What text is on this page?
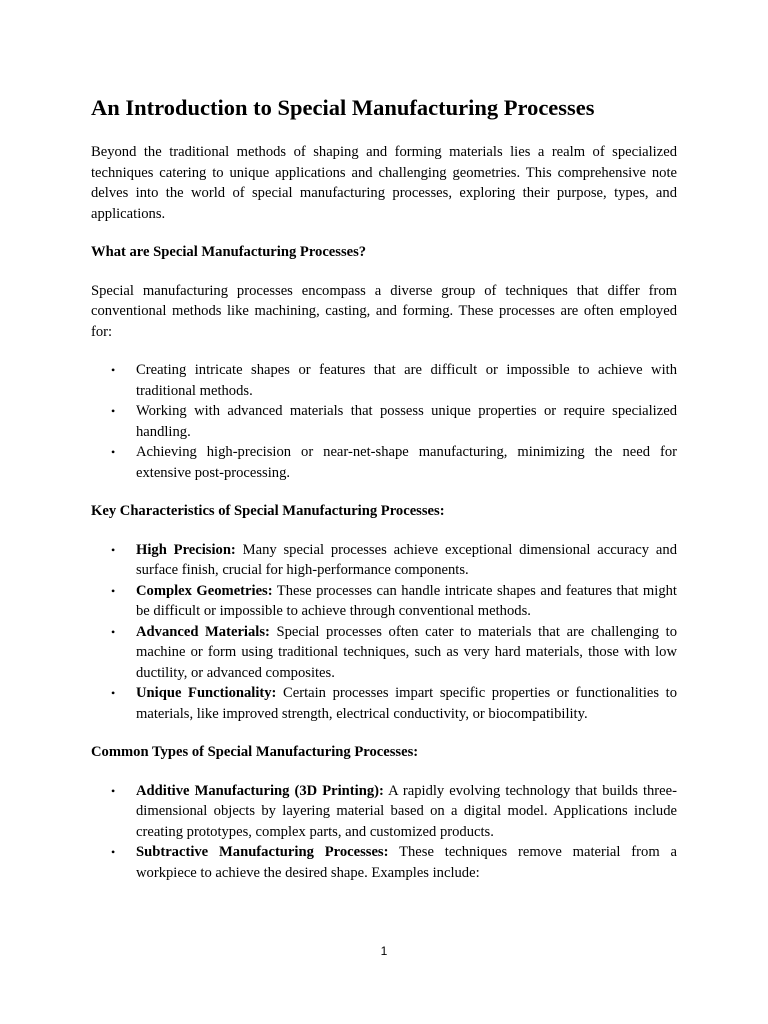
An Introduction to Special Manufacturing Processes

Beyond the traditional methods of shaping and forming materials lies a realm of specialized techniques catering to unique applications and challenging geometries. This comprehensive note delves into the world of special manufacturing processes, exploring their purpose, types, and applications.

What are Special Manufacturing Processes?

Special manufacturing processes encompass a diverse group of techniques that differ from conventional methods like machining, casting, and forming. These processes are often employed for:

• Creating intricate shapes or features that are difficult or impossible to achieve with traditional methods.
• Working with advanced materials that possess unique properties or require specialized handling.
• Achieving high-precision or near-net-shape manufacturing, minimizing the need for extensive post-processing.

Key Characteristics of Special Manufacturing Processes:

• High Precision: Many special processes achieve exceptional dimensional accuracy and surface finish, crucial for high-performance components.
• Complex Geometries: These processes can handle intricate shapes and features that might be difficult or impossible to achieve through conventional methods.
• Advanced Materials: Special processes often cater to materials that are challenging to machine or form using traditional techniques, such as very hard materials, those with low ductility, or advanced composites.
• Unique Functionality: Certain processes impart specific properties or functionalities to materials, like improved strength, electrical conductivity, or biocompatibility.

Common Types of Special Manufacturing Processes:

• Additive Manufacturing (3D Printing): A rapidly evolving technology that builds three-dimensional objects by layering material based on a digital model. Applications include creating prototypes, complex parts, and customized products.
• Subtractive Manufacturing Processes: These techniques remove material from a workpiece to achieve the desired shape. Examples include:
1
